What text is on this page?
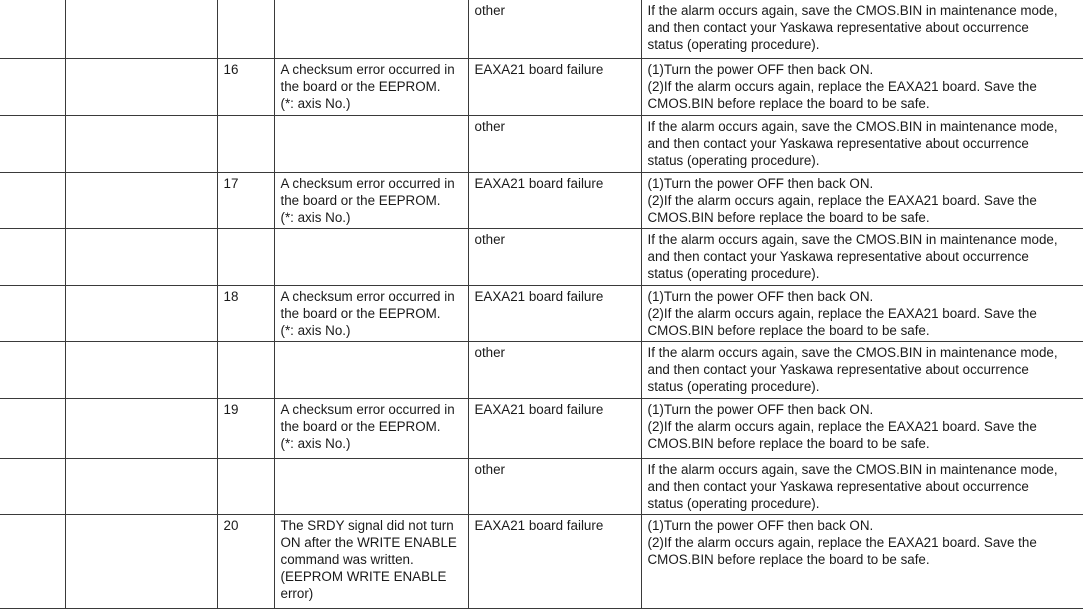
				other	If the alarm occurs again, save the CMOS.BIN in maintenance mode,
and then contact your Yaskawa representative about occurrence
status (operating procedure).

		16	A checksum error occurred in
the board or the EEPROM.
(*: axis No.)	EAXA21 board failure	(1)Turn the power OFF then back ON.
(2)If the alarm occurs again, replace the EAXA21 board. Save the
CMOS.BIN before replace the board to be safe.

				other	If the alarm occurs again, save the CMOS.BIN in maintenance mode,
and then contact your Yaskawa representative about occurrence
status (operating procedure).

		17	A checksum error occurred in
the board or the EEPROM.
(*: axis No.)	EAXA21 board failure	(1)Turn the power OFF then back ON.
(2)If the alarm occurs again, replace the EAXA21 board. Save the
CMOS.BIN before replace the board to be safe.

				other	If the alarm occurs again, save the CMOS.BIN in maintenance mode,
and then contact your Yaskawa representative about occurrence
status (operating procedure).

		18	A checksum error occurred in
the board or the EEPROM.
(*: axis No.)	EAXA21 board failure	(1)Turn the power OFF then back ON.
(2)If the alarm occurs again, replace the EAXA21 board. Save the
CMOS.BIN before replace the board to be safe.

				other	If the alarm occurs again, save the CMOS.BIN in maintenance mode,
and then contact your Yaskawa representative about occurrence
status (operating procedure).

		19	A checksum error occurred in
the board or the EEPROM.
(*: axis No.)	EAXA21 board failure	(1)Turn the power OFF then back ON.
(2)If the alarm occurs again, replace the EAXA21 board. Save the
CMOS.BIN before replace the board to be safe.

				other	If the alarm occurs again, save the CMOS.BIN in maintenance mode,
and then contact your Yaskawa representative about occurrence
status (operating procedure).

		20	The SRDY signal did not turn
ON after the WRITE ENABLE
command was written.
(EEPROM WRITE ENABLE
error)	EAXA21 board failure	(1)Turn the power OFF then back ON.
(2)If the alarm occurs again, replace the EAXA21 board. Save the
CMOS.BIN before replace the board to be safe.
